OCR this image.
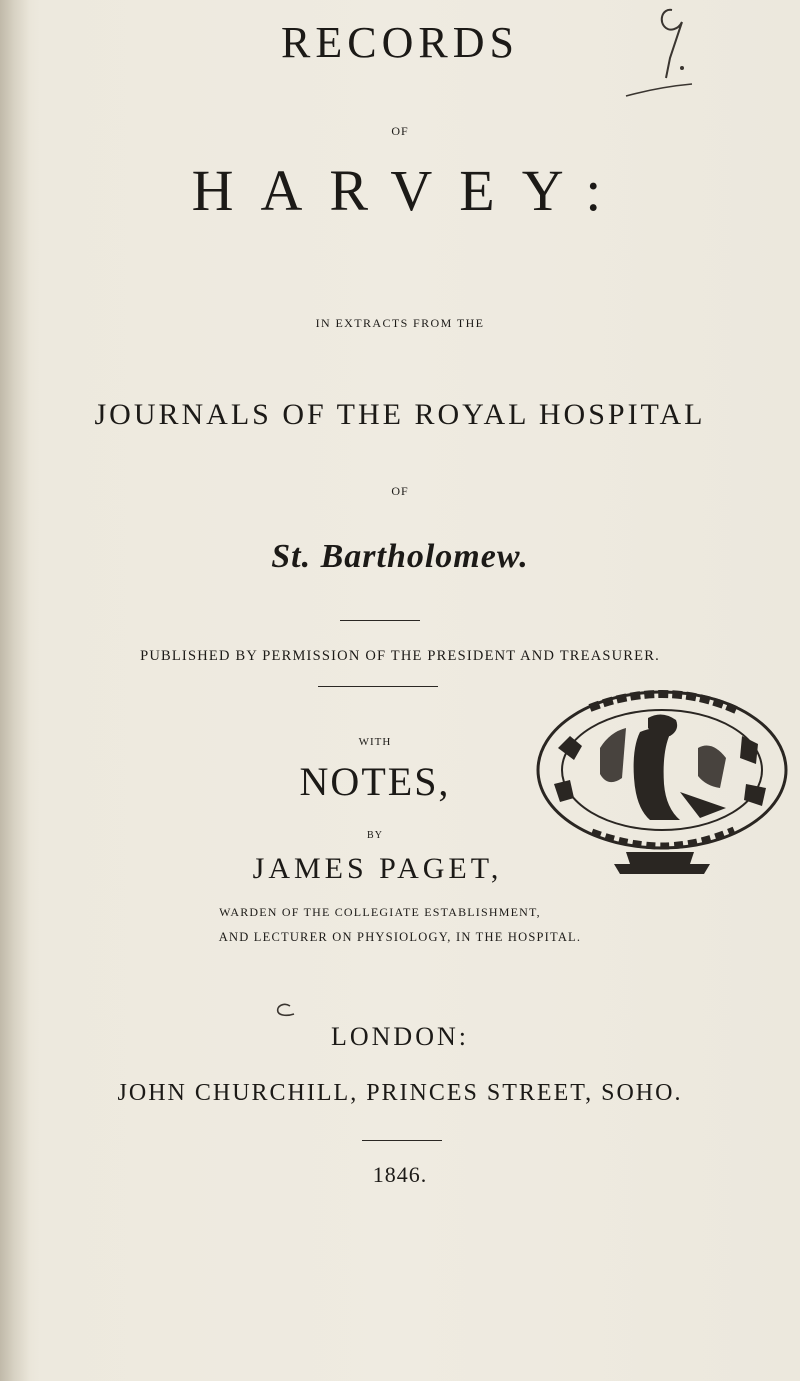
RECORDS
OF
HARVEY:
IN EXTRACTS FROM THE
JOURNALS OF THE ROYAL HOSPITAL
OF
St. Bartholomew.
PUBLISHED BY PERMISSION OF THE PRESIDENT AND TREASURER.
WITH
NOTES,
BY
JAMES PAGET,
WARDEN OF THE COLLEGIATE ESTABLISHMENT,
AND LECTURER ON PHYSIOLOGY, IN THE HOSPITAL.
LONDON:
JOHN CHURCHILL, PRINCES STREET, SOHO.
1846.
